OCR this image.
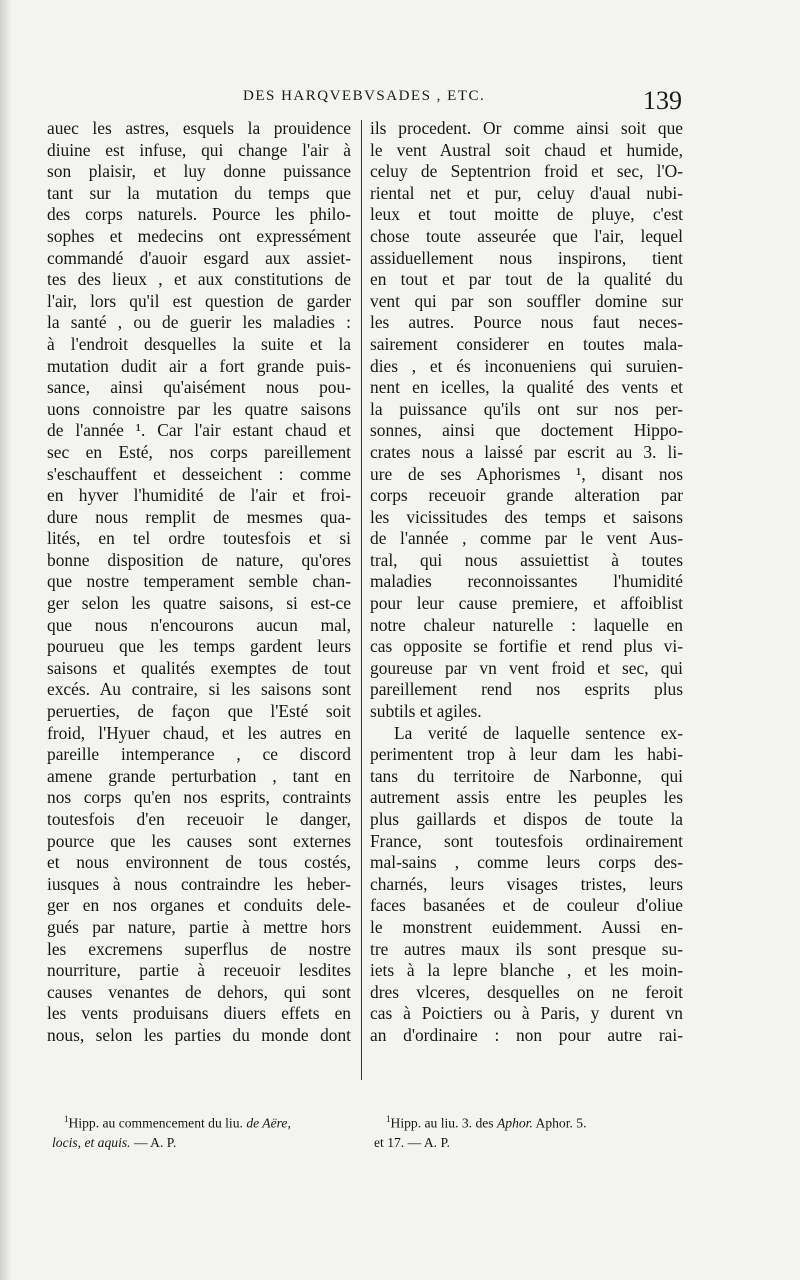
DES HARQVEBVSADES , ETC.	139
auec les astres, esquels la prouidence
diuine est infuse, qui change l'air à
son plaisir, et luy donne puissance
tant sur la mutation du temps que
des corps naturels. Pource les philo-
sophes et medecins ont expressément
commandé d'auoir esgard aux assiet-
tes des lieux , et aux constitutions de
l'air, lors qu'il est question de garder
la santé , ou de guerir les maladies :
à l'endroit desquelles la suite et la
mutation dudit air a fort grande puis-
sance, ainsi qu'aisément nous pou-
uons connoistre par les quatre saisons
de l'année ¹. Car l'air estant chaud et
sec en Esté, nos corps pareillement
s'eschauffent et desseichent : comme
en hyver l'humidité de l'air et froi-
dure nous remplit de mesmes qua-
lités, en tel ordre toutesfois et si
bonne disposition de nature, qu'ores
que nostre temperament semble chan-
ger selon les quatre saisons, si est-ce
que nous n'encourons aucun mal,
pourueu que les temps gardent leurs
saisons et qualités exemptes de tout
excés. Au contraire, si les saisons sont
peruerties, de façon que l'Esté soit
froid, l'Hyuer chaud, et les autres en
pareille intemperance , ce discord
amene grande perturbation , tant en
nos corps qu'en nos esprits, contraints
toutesfois d'en receuoir le danger,
pource que les causes sont externes
et nous environnent de tous costés,
iusques à nous contraindre les heber-
ger en nos organes et conduits dele-
gués par nature, partie à mettre hors
les excremens superflus de nostre
nourriture, partie à receuoir lesdites
causes venantes de dehors, qui sont
les vents produisans diuers effets en
nous, selon les parties du monde dont
ils procedent. Or comme ainsi soit que
le vent Austral soit chaud et humide,
celuy de Septentrion froid et sec, l'O-
riental net et pur, celuy d'aual nubi-
leux et tout moitte de pluye, c'est
chose toute asseurée que l'air, lequel
assiduellement nous inspirons, tient
en tout et par tout de la qualité du
vent qui par son souffler domine sur
les autres. Pource nous faut neces-
sairement considerer en toutes mala-
dies , et és inconueniens qui suruien-
nent en icelles, la qualité des vents et
la puissance qu'ils ont sur nos per-
sonnes, ainsi que doctement Hippo-
crates nous a laissé par escrit au 3. li-
ure de ses Aphorismes ¹, disant nos
corps receuoir grande alteration par
les vicissitudes des temps et saisons
de l'année , comme par le vent Aus-
tral, qui nous assuiettist à toutes
maladies reconnoissantes l'humidité
pour leur cause premiere, et affoiblist
notre chaleur naturelle : laquelle en
cas opposite se fortifie et rend plus vi-
goureuse par vn vent froid et sec, qui
pareillement rend nos esprits plus
subtils et agiles.
La verité de laquelle sentence ex-
perimentent trop à leur dam les habi-
tans du territoire de Narbonne, qui
autrement assis entre les peuples les
plus gaillards et dispos de toute la
France, sont toutesfois ordinairement
mal-sains , comme leurs corps des-
charnés, leurs visages tristes, leurs
faces basanées et de couleur d'oliue
le monstrent euidemment. Aussi en-
tre autres maux ils sont presque su-
iets à la lepre blanche , et les moin-
dres vlceres, desquelles on ne feroit
cas à Poictiers ou à Paris, y durent vn
an d'ordinaire : non pour autre rai-
$^1$Hipp. au commencement du liu. de Aëre,
locis, et aquis. — A. P.
$^1$Hipp. au liu. 3. des Aphor. Aphor. 5.
et 17. — A. P.
